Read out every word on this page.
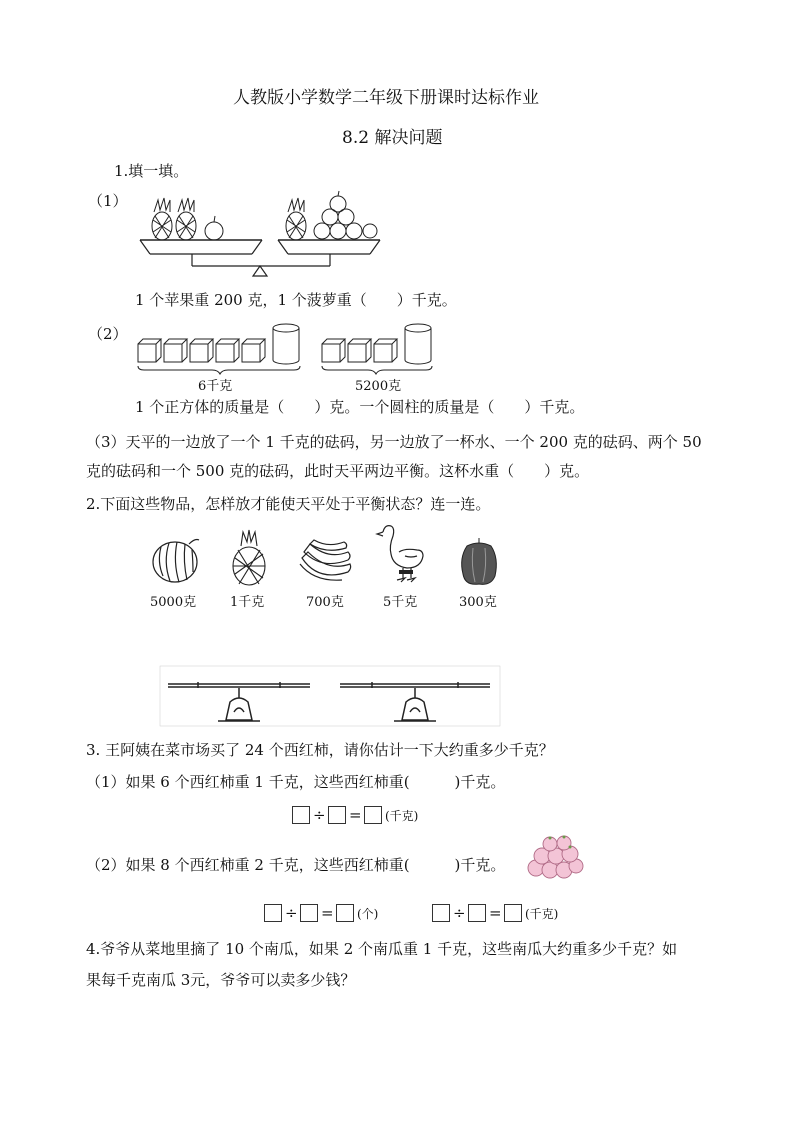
人教版小学数学二年级下册课时达标作业
8.2 解决问题
1.填一填。
（1）
1 个苹果重 200 克，1 个菠萝重（　　）千克。
（2）
6千克	5200克
1 个正方体的质量是（　　）克。一个圆柱的质量是（　　）千克。
（3）天平的一边放了一个 1 千克的砝码，另一边放了一杯水、一个 200 克的砝码、两个 50
克的砝码和一个 500 克的砝码，此时天平两边平衡。这杯水重（　　）克。
2.下面这些物品，怎样放才能使天平处于平衡状态？连一连。
5000克	1千克	700克	5千克	300克
3. 王阿姨在菜市场买了 24 个西红柿，请你估计一下大约重多少千克？
（1）如果 6 个西红柿重 1 千克，这些西红柿重(　　　)千克。
÷ = (千克)
（2）如果 8 个西红柿重 2 千克，这些西红柿重(　　　)千克。
÷ = (个)	÷ = (千克)
4.爷爷从菜地里摘了 10 个南瓜，如果 2 个南瓜重 1 千克，这些南瓜大约重多少千克？如
果每千克南瓜 3元，爷爷可以卖多少钱？
